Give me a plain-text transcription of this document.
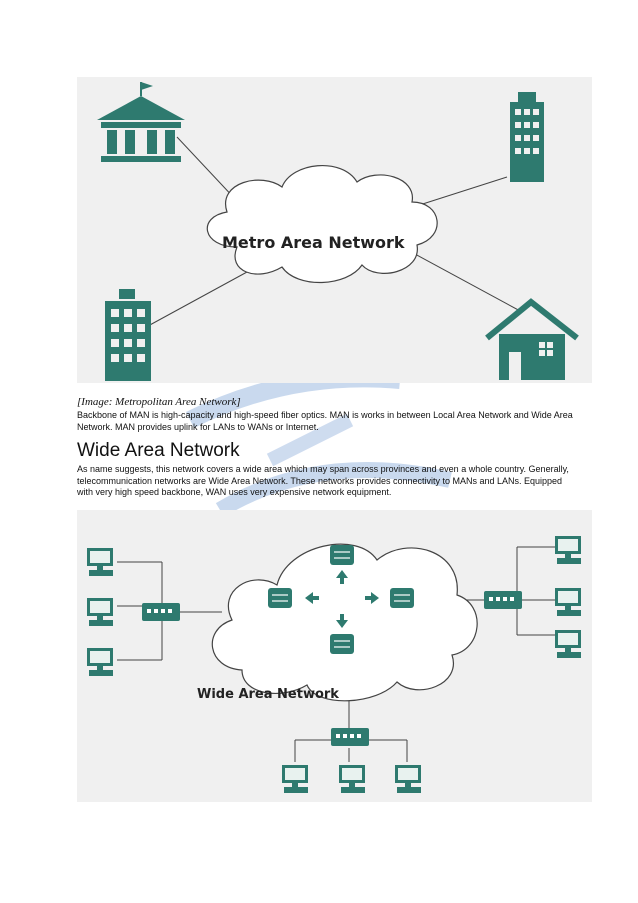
Metro Area Network
[Image: Metropolitan Area Network]
Backbone of MAN is high-capacity and high-speed fiber optics. MAN is works in between Local Area Network and Wide Area Network. MAN provides uplink for LANs to WANs or Internet.
Wide Area Network
As name suggests, this network covers a wide area which may span across provinces and even a whole country. Generally, telecommunication networks are Wide Area Network. These networks provides connectivity to MANs and LANs. Equipped with very high speed backbone, WAN uses very expensive network equipment.
Wide Area Network
